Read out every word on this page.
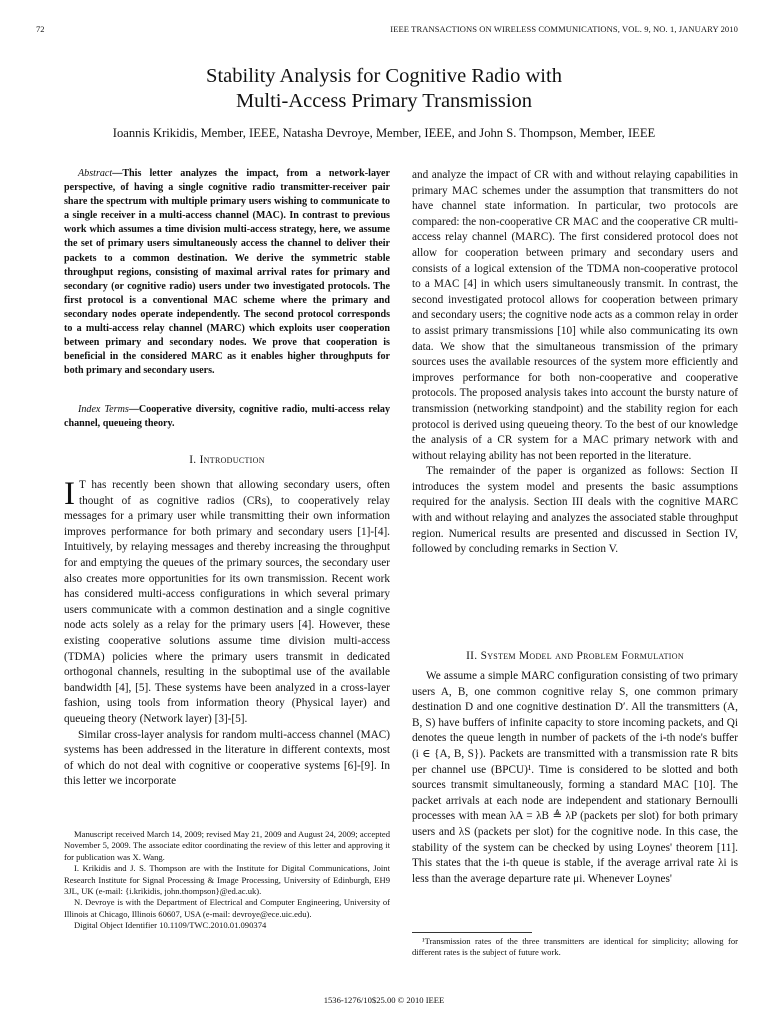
72	IEEE TRANSACTIONS ON WIRELESS COMMUNICATIONS, VOL. 9, NO. 1, JANUARY 2010
Stability Analysis for Cognitive Radio with
Multi-Access Primary Transmission
Ioannis Krikidis, Member, IEEE, Natasha Devroye, Member, IEEE, and John S. Thompson, Member, IEEE

Abstract—This letter analyzes the impact, from a network-layer perspective, of having a single cognitive radio transmitter-receiver pair share the spectrum with multiple primary users wishing to communicate to a single receiver in a multi-access channel (MAC). In contrast to previous work which assumes a time division multi-access strategy, here, we assume the set of primary users simultaneously access the channel to deliver their packets to a common destination. We derive the symmetric stable throughput regions, consisting of maximal arrival rates for primary and secondary (or cognitive radio) users under two investigated protocols. The first protocol is a conventional MAC scheme where the primary and secondary nodes operate independently. The second protocol corresponds to a multi-access relay channel (MARC) which exploits user cooperation between primary and secondary nodes. We prove that cooperation is beneficial in the considered MARC as it enables higher throughputs for both primary and secondary users.

Index Terms—Cooperative diversity, cognitive radio, multi-access relay channel, queueing theory.

I. Introduction

I T has recently been shown that allowing secondary users, often thought of as cognitive radios (CRs), to cooperatively relay messages for a primary user while transmitting their own information improves performance for both primary and secondary users [1]-[4]. Intuitively, by relaying messages and thereby increasing the throughput for and emptying the queues of the primary sources, the secondary user also creates more opportunities for its own transmission. Recent work has considered multi-access configurations in which several primary users communicate with a common destination and a single cognitive node acts solely as a relay for the primary users [4]. However, these existing cooperative solutions assume time division multi-access (TDMA) policies where the primary users transmit in dedicated orthogonal channels, resulting in the suboptimal use of the available bandwidth [4], [5]. These systems have been analyzed in a cross-layer fashion, using tools from information theory (Physical layer) and queueing theory (Network layer) [3]-[5].

Similar cross-layer analysis for random multi-access channel (MAC) systems has been addressed in the literature in different contexts, most of which do not deal with cognitive or cooperative systems [6]-[9]. In this letter we incorporate

and analyze the impact of CR with and without relaying capabilities in primary MAC schemes under the assumption that transmitters do not have channel state information. In particular, two protocols are compared: the non-cooperative CR MAC and the cooperative CR multi-access relay channel (MARC). The first considered protocol does not allow for cooperation between primary and secondary users and consists of a logical extension of the TDMA non-cooperative protocol to a MAC [4] in which users simultaneously transmit. In contrast, the second investigated protocol allows for cooperation between primary and secondary users; the cognitive node acts as a common relay in order to assist primary transmissions [10] while also communicating its own data. We show that the simultaneous transmission of the primary sources uses the available resources of the system more efficiently and improves performance for both non-cooperative and cooperative protocols. The proposed analysis takes into account the bursty nature of transmission (networking standpoint) and the stability region for each protocol is derived using queueing theory. To the best of our knowledge the analysis of a CR system for a MAC primary network with and without relaying ability has not been reported in the literature.

The remainder of the paper is organized as follows: Section II introduces the system model and presents the basic assumptions required for the analysis. Section III deals with the cognitive MARC with and without relaying and analyzes the associated stable throughput region. Numerical results are presented and discussed in Section IV, followed by concluding remarks in Section V.

II. System Model and Problem Formulation

We assume a simple MARC configuration consisting of two primary users A, B, one common cognitive relay S, one common primary destination D and one cognitive destination D′. All the transmitters (A, B, S) have buffers of infinite capacity to store incoming packets, and Qi denotes the queue length in number of packets of the i-th node's buffer (i ∈ {A, B, S}). Packets are transmitted with a transmission rate R bits per channel use (BPCU)¹. Time is considered to be slotted and both sources transmit simultaneously, forming a standard MAC [10]. The packet arrivals at each node are independent and stationary Bernoulli processes with mean λA = λB ≜ λP (packets per slot) for both primary users and λS (packets per slot) for the cognitive node. In this case, the stability of the system can be checked by using Loynes' theorem [11]. This states that the i-th queue is stable, if the average arrival rate λi is less than the average departure rate μi. Whenever Loynes'

Manuscript received March 14, 2009; revised May 21, 2009 and August 24, 2009; accepted November 5, 2009. The associate editor coordinating the review of this letter and approving it for publication was X. Wang.

I. Krikidis and J. S. Thompson are with the Institute for Digital Communications, Joint Research Institute for Signal Processing & Image Processing, University of Edinburgh, EH9 3JL, UK (e-mail: {i.krikidis, john.thompson}@ed.ac.uk).

N. Devroye is with the Department of Electrical and Computer Engineering, University of Illinois at Chicago, Illinois 60607, USA (e-mail: devroye@ece.uic.edu).

Digital Object Identifier 10.1109/TWC.2010.01.090374

¹Transmission rates of the three transmitters are identical for simplicity; allowing for different rates is the subject of future work.

1536-1276/10$25.00 © 2010 IEEE
